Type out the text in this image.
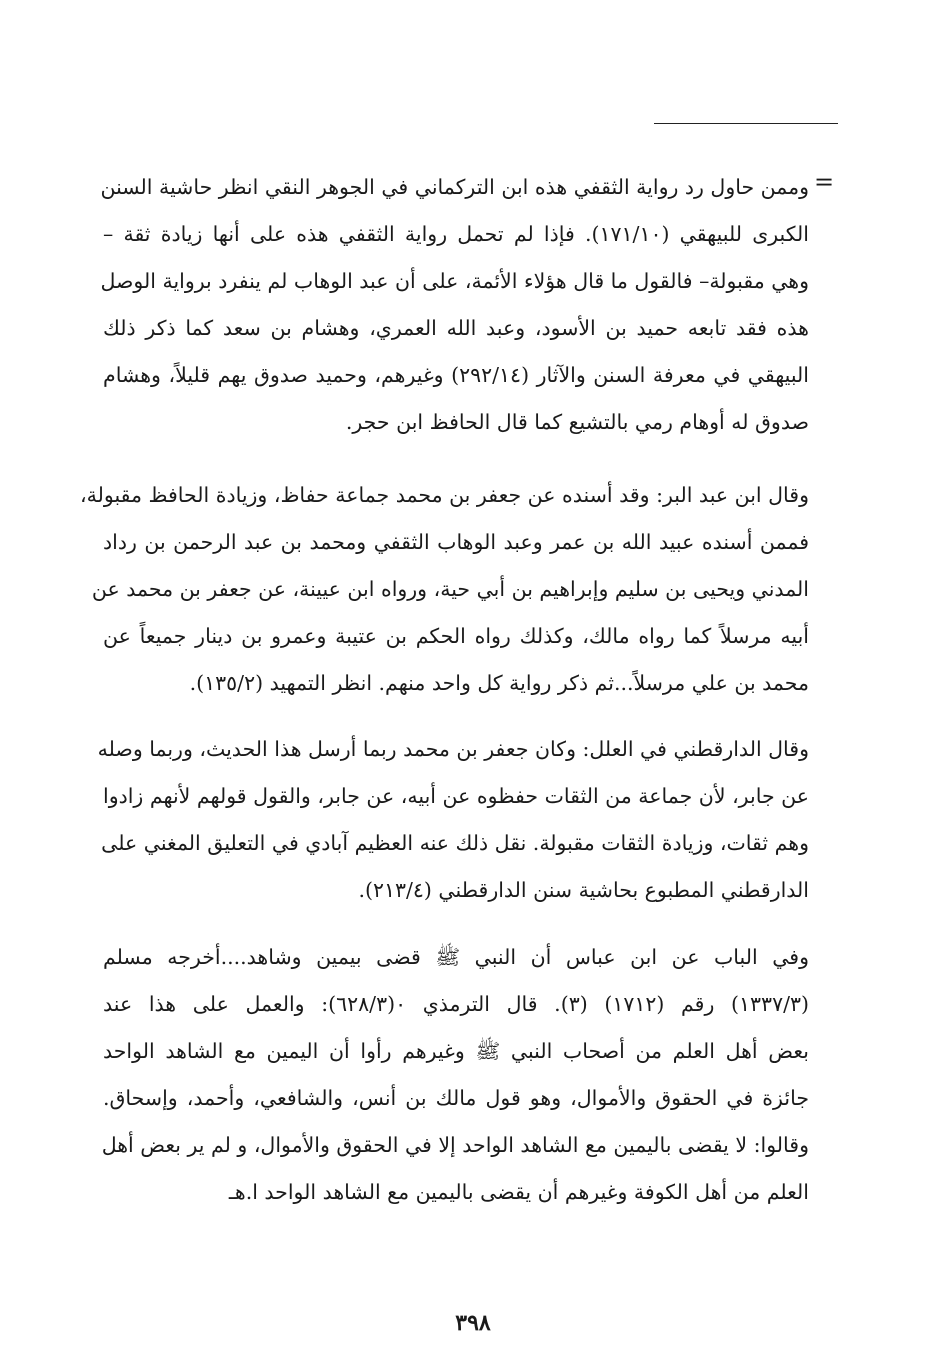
=
وممن حاول رد رواية الثقفي هذه ابن التركماني في الجوهر النقي انظر حاشية السنن
الكبرى للبيهقي (١٧١/١٠). فإذا لم تحمل رواية الثقفي هذه على أنها زيادة ثقة –
وهي مقبولة– فالقول ما قال هؤلاء الأئمة، على أن عبد الوهاب لم ينفرد برواية الوصل
هذه فقد تابعه حميد بن الأسود، وعبد الله العمري، وهشام بن سعد كما ذكر ذلك
البيهقي في معرفة السنن والآثار (٢٩٢/١٤) وغيرهم، وحميد صدوق يهم قليلاً، وهشام
صدوق له أوهام رمي بالتشيع كما قال الحافظ ابن حجر.
وقال ابن عبد البر: وقد أسنده عن جعفر بن محمد جماعة حفاظ، وزيادة الحافظ مقبولة،
فممن أسنده عبيد الله بن عمر وعبد الوهاب الثقفي ومحمد بن عبد الرحمن بن رداد
المدني ويحيى بن سليم وإبراهيم بن أبي حية، ورواه ابن عيينة، عن جعفر بن محمد عن
أبيه مرسلاً كما رواه مالك، وكذلك رواه الحكم بن عتيبة وعمرو بن دينار جميعاً عن
محمد بن علي مرسلاً...ثم ذكر رواية كل واحد منهم. انظر التمهيد (١٣٥/٢).
وقال الدارقطني في العلل: وكان جعفر بن محمد ربما أرسل هذا الحديث، وربما وصله
عن جابر، لأن جماعة من الثقات حفظوه عن أبيه، عن جابر، والقول قولهم لأنهم زادوا
وهم ثقات، وزيادة الثقات مقبولة. نقل ذلك عنه العظيم آبادي في التعليق المغني على
الدارقطني المطبوع بحاشية سنن الدارقطني (٢١٣/٤).
وفي الباب عن ابن عباس أن النبي ﷺ قضى بيمين وشاهد....أخرجه مسلم
(١٣٣٧/٣) رقم (١٧١٢) (٣). قال الترمذي ٠(٦٢٨/٣): والعمل على هذا عند
بعض أهل العلم من أصحاب النبي ﷺ وغيرهم رأوا أن اليمين مع الشاهد الواحد
جائزة في الحقوق والأموال، وهو قول مالك بن أنس، والشافعي، وأحمد، وإسحاق.
وقالوا: لا يقضى باليمين مع الشاهد الواحد إلا في الحقوق والأموال، و لم ير بعض أهل
العلم من أهل الكوفة وغيرهم أن يقضى باليمين مع الشاهد الواحد ا.هـ
٣٩٨
